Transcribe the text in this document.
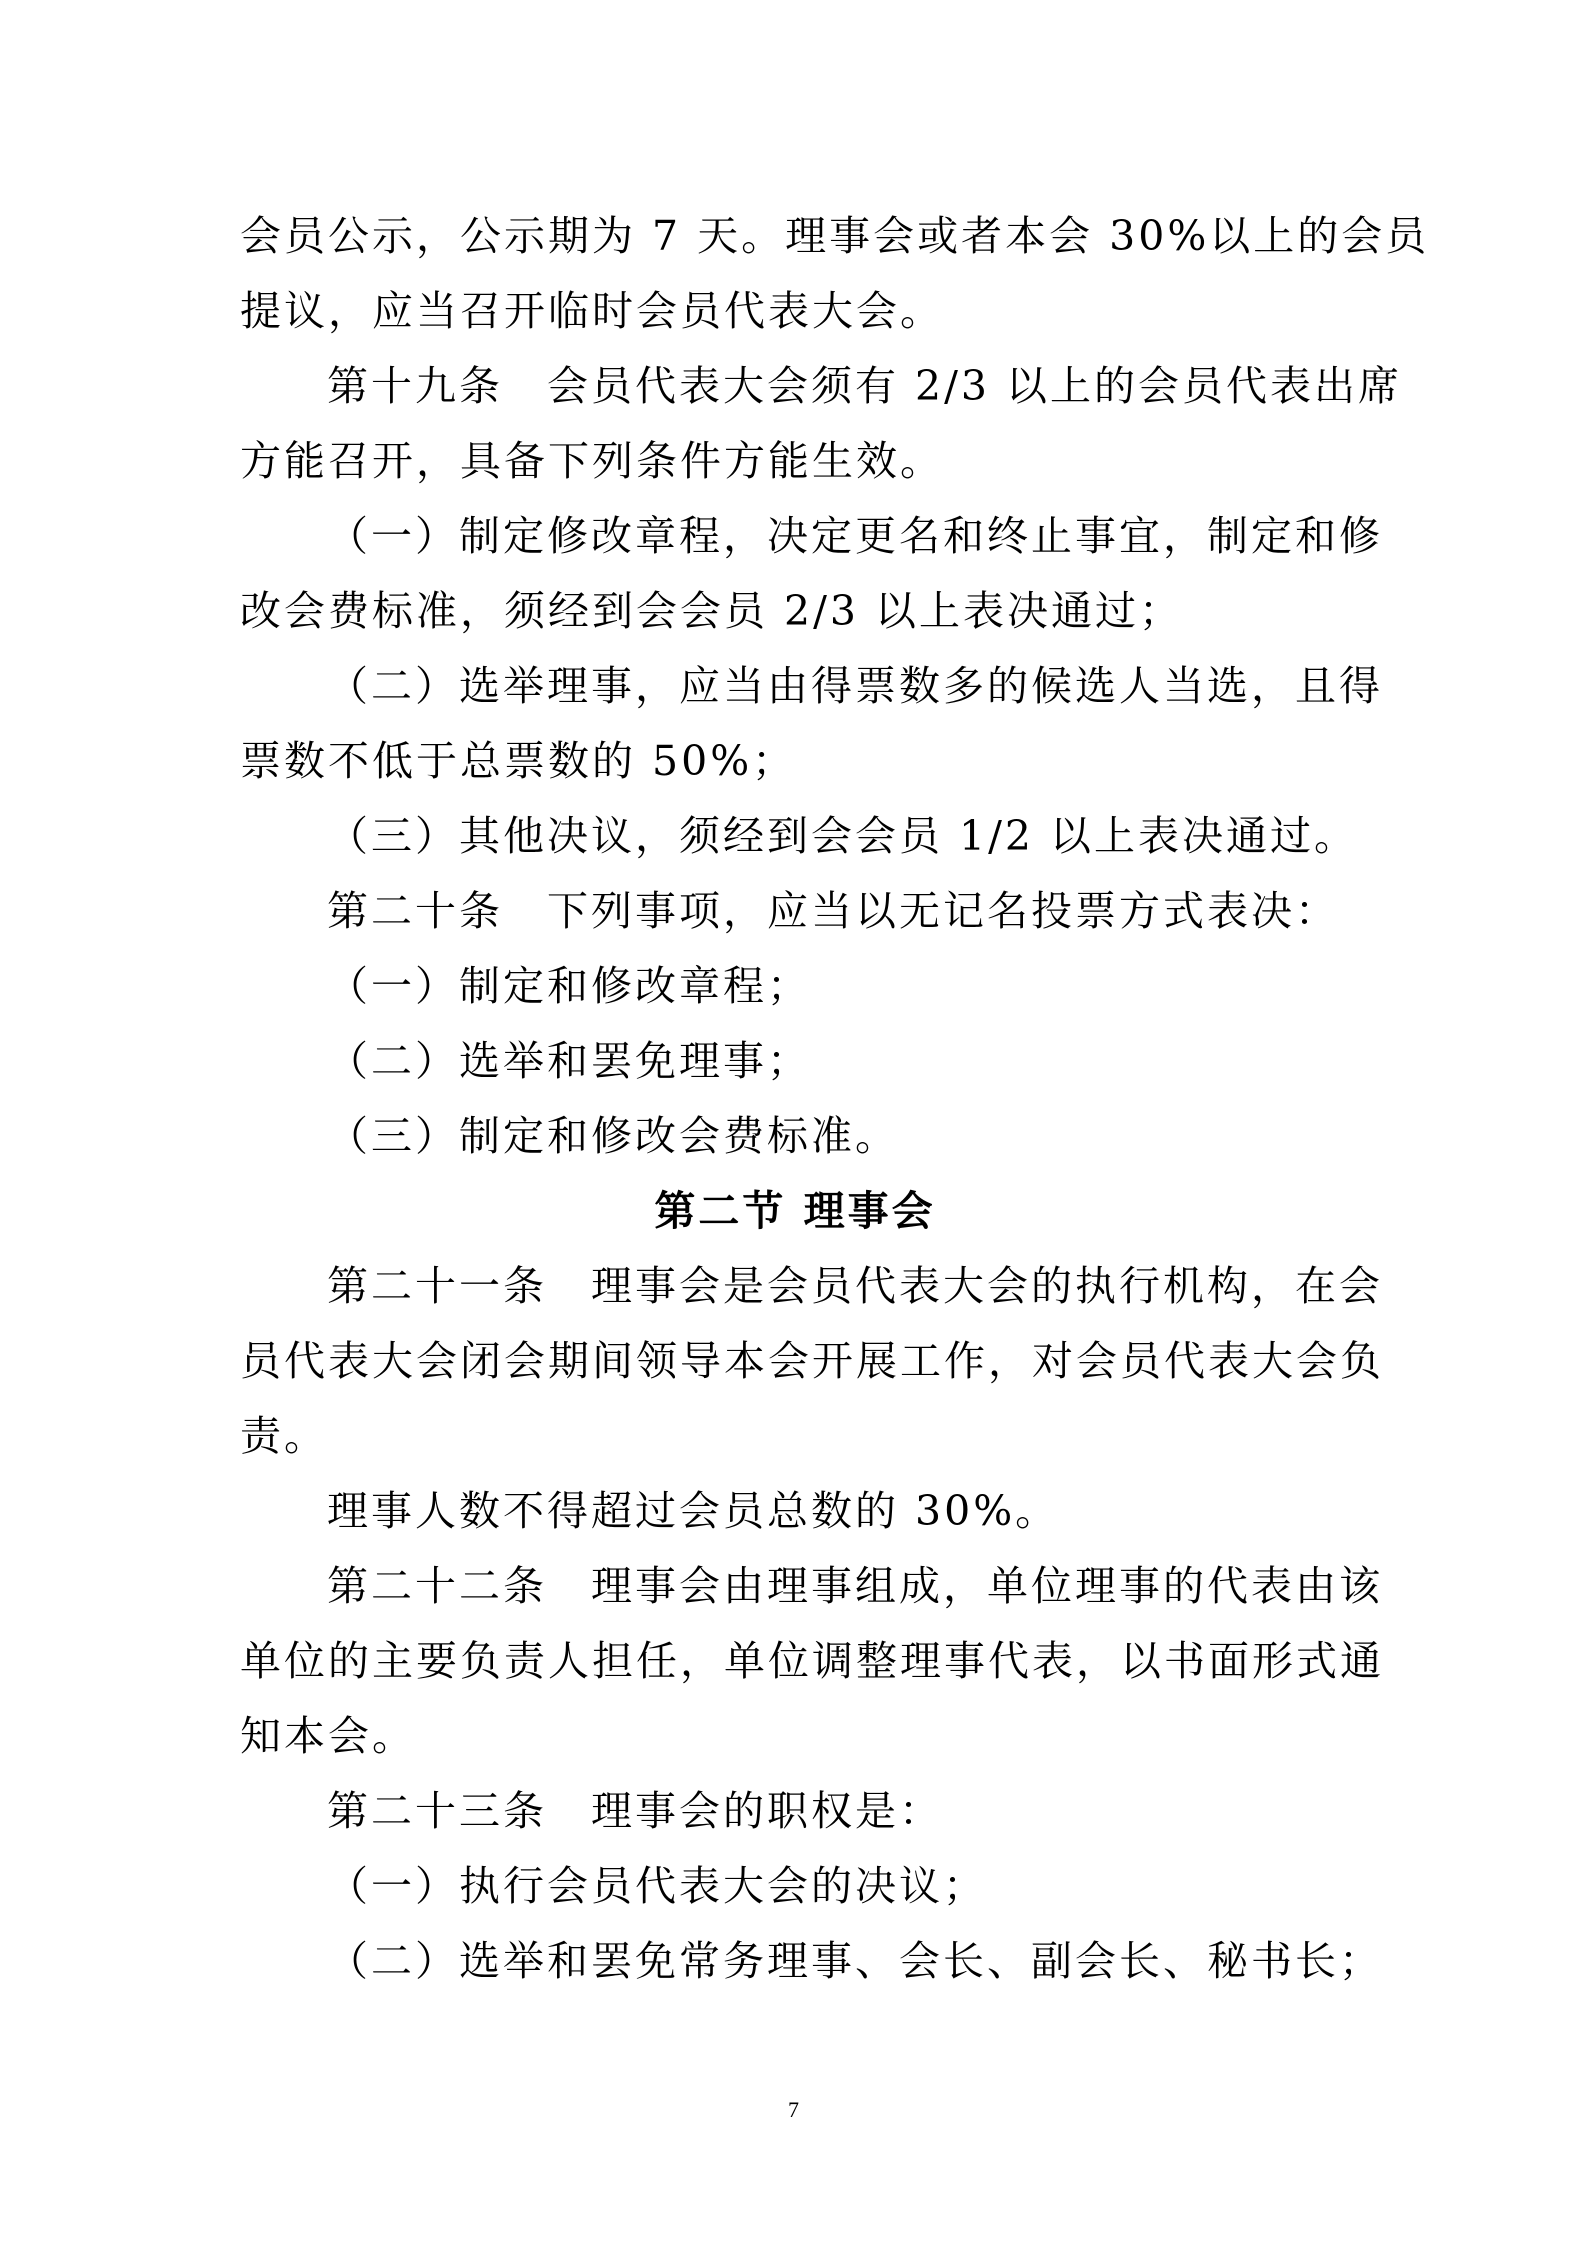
会员公示，公示期为 7 天。理事会或者本会 30%以上的会员
提议，应当召开临时会员代表大会。
第十九条　会员代表大会须有 2/3 以上的会员代表出席
方能召开，具备下列条件方能生效。
（一）制定修改章程，决定更名和终止事宜，制定和修
改会费标准，须经到会会员 2/3 以上表决通过；
（二）选举理事，应当由得票数多的候选人当选，且得
票数不低于总票数的 50%；
（三）其他决议，须经到会会员 1/2 以上表决通过。
第二十条　下列事项，应当以无记名投票方式表决：
（一）制定和修改章程；
（二）选举和罢免理事；
（三）制定和修改会费标准。
第二节 理事会
第二十一条　理事会是会员代表大会的执行机构，在会
员代表大会闭会期间领导本会开展工作，对会员代表大会负
责。
理事人数不得超过会员总数的 30%。
第二十二条　理事会由理事组成，单位理事的代表由该
单位的主要负责人担任，单位调整理事代表，以书面形式通
知本会。
第二十三条　理事会的职权是：
（一）执行会员代表大会的决议；
（二）选举和罢免常务理事、会长、副会长、秘书长；
7
